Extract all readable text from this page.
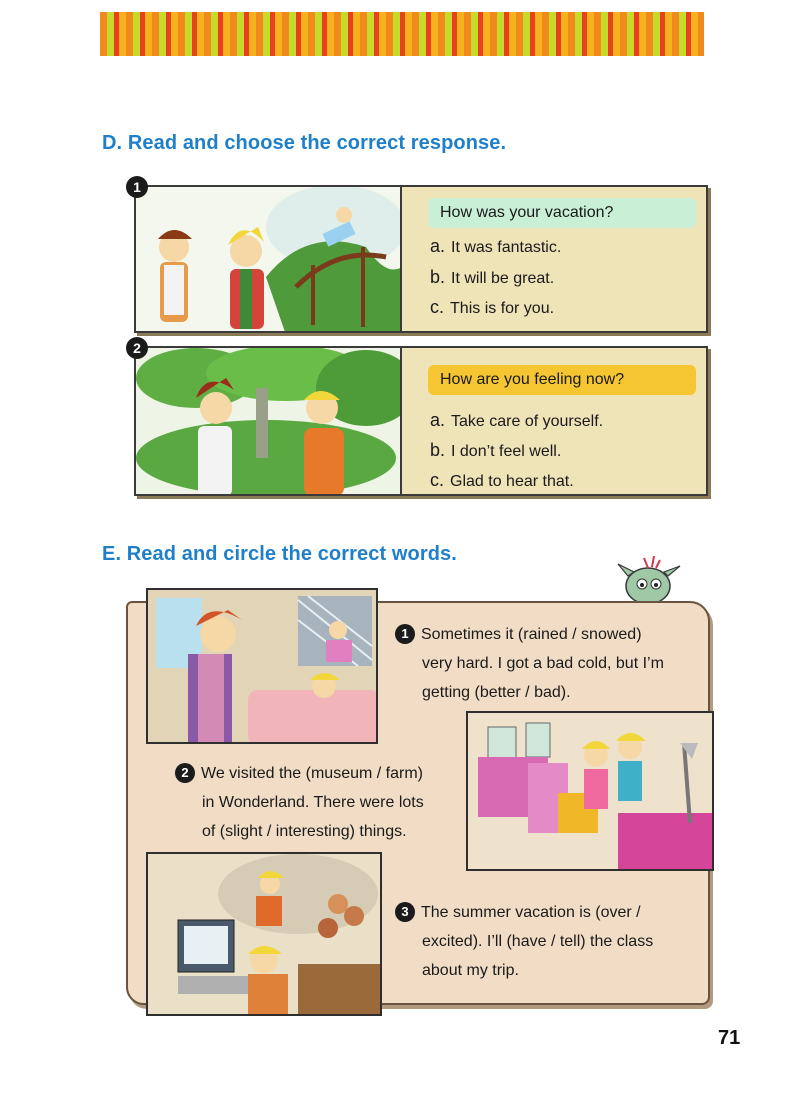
D. Read and choose the correct response.
How was your vacation?
a. It was fantastic.
b. It will be great.
c. This is for you.
1
How are you feeling now?
a. Take care of yourself.
b. I don’t feel well.
c. Glad to hear that.
2
E. Read and circle the correct words.
1 Sometimes it (rained / snowed)
very hard. I got a bad cold, but I’m
getting (better / bad).
2 We visited the (museum / farm)
in Wonderland. There were lots
of (slight / interesting) things.
3 The summer vacation is (over /
excited). I’ll (have / tell) the class
about my trip.
71
